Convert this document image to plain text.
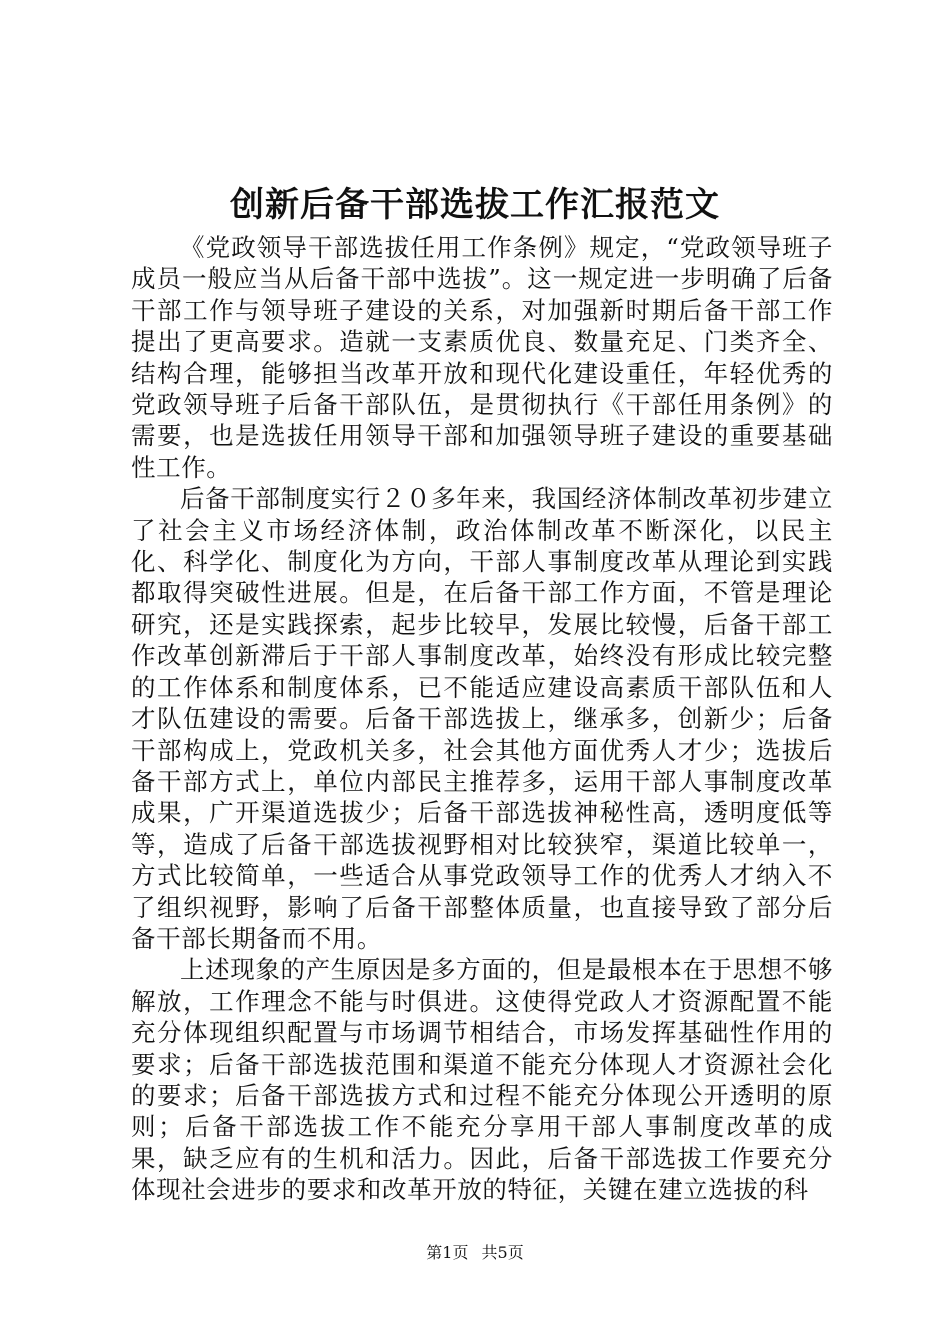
创新后备干部选拔工作汇报范文

《党政领导干部选拔任用工作条例》规定，“党政领导班子成员一般应当从后备干部中选拔”。这一规定进一步明确了后备干部工作与领导班子建设的关系，对加强新时期后备干部工作提出了更高要求。造就一支素质优良、数量充足、门类齐全、结构合理，能够担当改革开放和现代化建设重任，年轻优秀的党政领导班子后备干部队伍，是贯彻执行《干部任用条例》的需要，也是选拔任用领导干部和加强领导班子建设的重要基础性工作。

后备干部制度实行２０多年来，我国经济体制改革初步建立了社会主义市场经济体制，政治体制改革不断深化，以民主化、科学化、制度化为方向，干部人事制度改革从理论到实践都取得突破性进展。但是，在后备干部工作方面，不管是理论研究，还是实践探索，起步比较早，发展比较慢，后备干部工作改革创新滞后于干部人事制度改革，始终没有形成比较完整的工作体系和制度体系，已不能适应建设高素质干部队伍和人才队伍建设的需要。后备干部选拔上，继承多，创新少；后备干部构成上，党政机关多，社会其他方面优秀人才少；选拔后备干部方式上，单位内部民主推荐多，运用干部人事制度改革成果，广开渠道选拔少；后备干部选拔神秘性高，透明度低等等，造成了后备干部选拔视野相对比较狭窄，渠道比较单一，方式比较简单，一些适合从事党政领导工作的优秀人才纳入不了组织视野，影响了后备干部整体质量，也直接导致了部分后备干部长期备而不用。

上述现象的产生原因是多方面的，但是最根本在于思想不够解放，工作理念不能与时俱进。这使得党政人才资源配置不能充分体现组织配置与市场调节相结合，市场发挥基础性作用的要求；后备干部选拔范围和渠道不能充分体现人才资源社会化的要求；后备干部选拔方式和过程不能充分体现公开透明的原则；后备干部选拔工作不能充分享用干部人事制度改革的成果，缺乏应有的生机和活力。因此，后备干部选拔工作要充分体现社会进步的要求和改革开放的特征，关键在建立选拔的科

第1页 共5页
